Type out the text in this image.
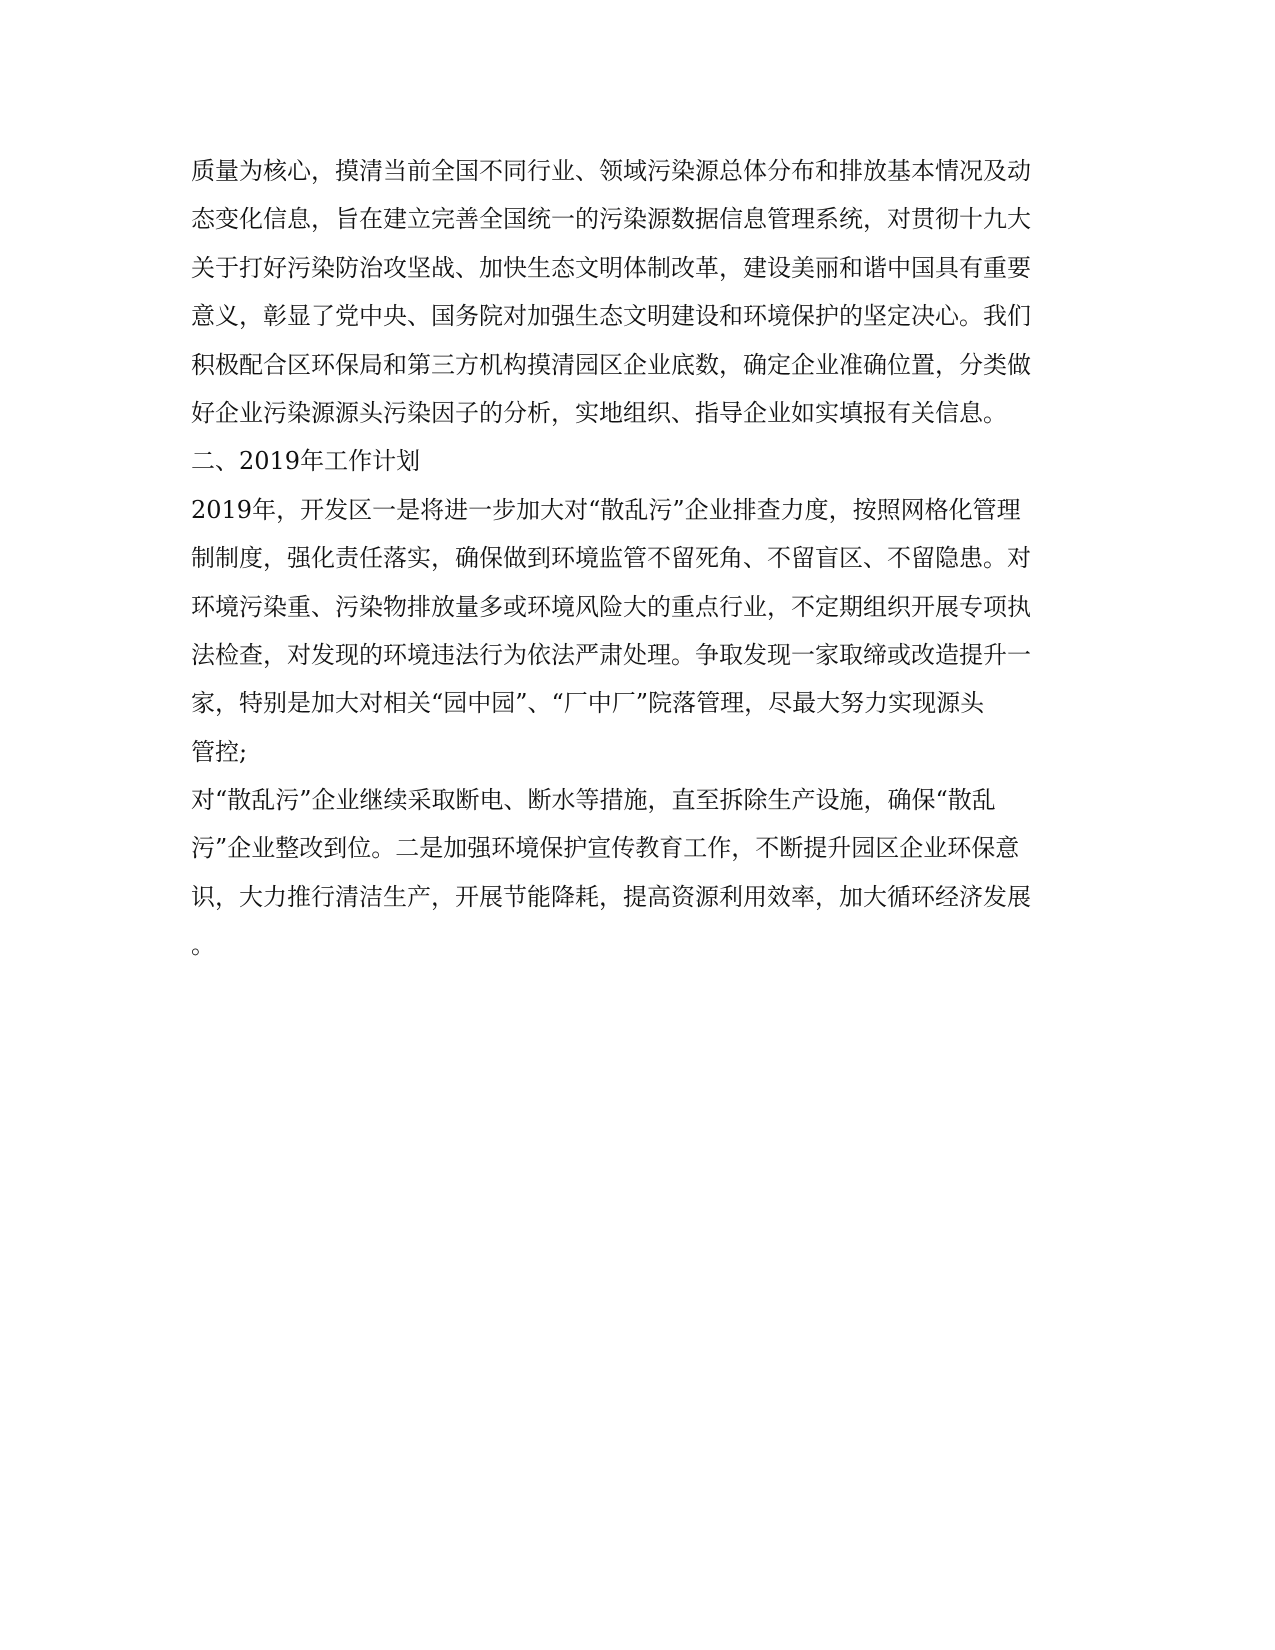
质量为核心，摸清当前全国不同行业、领域污染源总体分布和排放基本情况及动
态变化信息，旨在建立完善全国统一的污染源数据信息管理系统，对贯彻十九大
关于打好污染防治攻坚战、加快生态文明体制改革，建设美丽和谐中国具有重要
意义，彰显了党中央、国务院对加强生态文明建设和环境保护的坚定决心。我们
积极配合区环保局和第三方机构摸清园区企业底数，确定企业准确位置，分类做
好企业污染源源头污染因子的分析，实地组织、指导企业如实填报有关信息。
二、2019年工作计划
2019年，开发区一是将进一步加大对“散乱污”企业排查力度，按照网格化管理
制制度，强化责任落实，确保做到环境监管不留死角、不留盲区、不留隐患。对
环境污染重、污染物排放量多或环境风险大的重点行业，不定期组织开展专项执
法检查，对发现的环境违法行为依法严肃处理。争取发现一家取缔或改造提升一
家，特别是加大对相关“园中园”、“厂中厂”院落管理，尽最大努力实现源头
管控;
对“散乱污”企业继续采取断电、断水等措施，直至拆除生产设施，确保“散乱
污”企业整改到位。二是加强环境保护宣传教育工作，不断提升园区企业环保意
识，大力推行清洁生产，开展节能降耗，提高资源利用效率，加大循环经济发展
。
